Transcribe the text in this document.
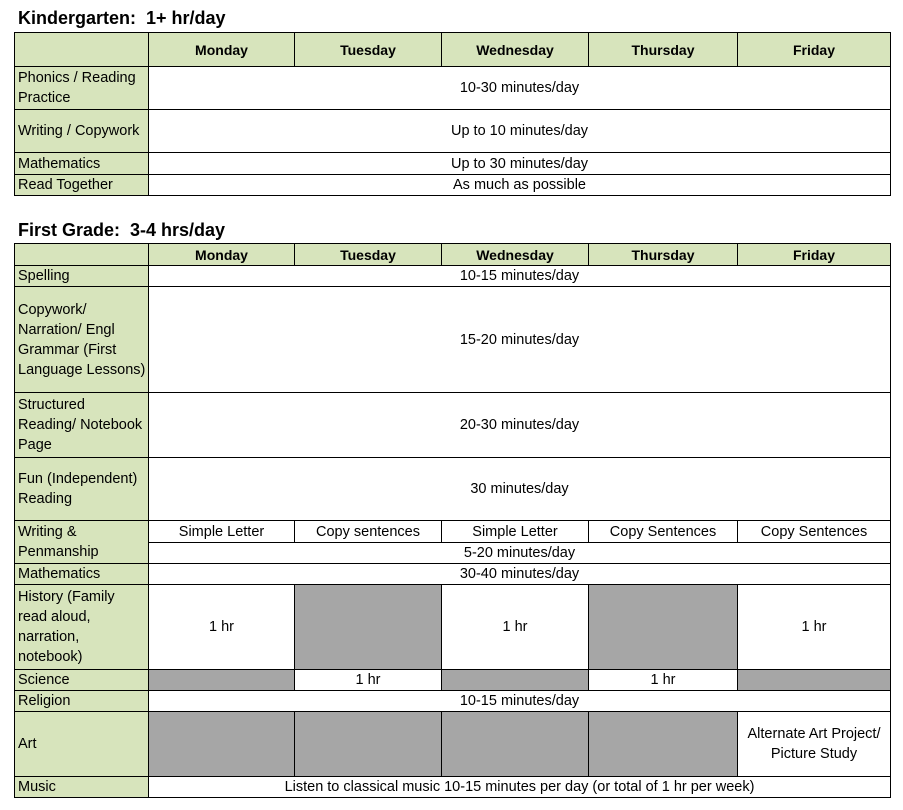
Kindergarten:  1+ hr/day
	Monday	Tuesday	Wednesday	Thursday	Friday
Phonics / Reading
Practice	10-30 minutes/day				
Writing / Copywork	Up to 10 minutes/day				
Mathematics	Up to 30 minutes/day				
Read Together	As much as possible				
First Grade:  3-4 hrs/day
	Monday	Tuesday	Wednesday	Thursday	Friday
Spelling	10-15 minutes/day				
Copywork/
Narration/ Engl
Grammar (First
Language Lessons)	15-20 minutes/day				
Structured
Reading/ Notebook
Page	20-30 minutes/day				
Fun (Independent)
Reading	30 minutes/day				
Writing &
Penmanship	Simple Letter	Copy sentences	Simple Letter	Copy Sentences	Copy Sentences
	5-20 minutes/day				
Mathematics	30-40 minutes/day				
History (Family
read aloud,
narration,
notebook)	1 hr		1 hr		1 hr
Science		1 hr		1 hr	
Religion	10-15 minutes/day				
Art					Alternate Art Project/
Picture Study
Music	Listen to classical music 10-15 minutes per day (or total of 1 hr per week)				
